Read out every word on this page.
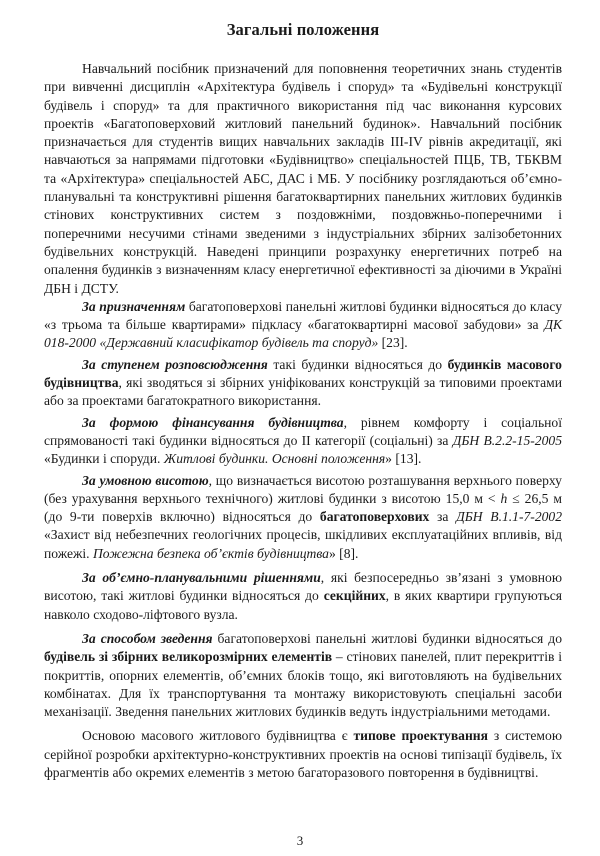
Загальні положення

Навчальний посібник призначений для поповнення теоретичних знань студентів при вивченні дисциплін «Архітектура будівель і споруд» та «Будівельні конструкції будівель і споруд» та для практичного використання під час виконання курсових проектів «Багатоповерховий житловий панельний будинок». Навчальний посібник призначається для студентів вищих навчальних закладів ІІІ-ІV рівнів акредитації, які навчаються за напрямами підготовки «Будівництво» спеціальностей ПЦБ, ТВ, ТБКВМ та «Архітектура» спеціальностей АБС, ДАС і МБ. У посібнику розглядаються об’ємно-планувальні та конструктивні рішення багатоквартирних панельних житлових будинків стінових конструктивних систем з поздовжніми, поздовжньо-поперечними і поперечними несучими стінами зведеними з індустріальних збірних залізобетонних будівельних конструкцій. Наведені принципи розрахунку енергетичних потреб на опалення будинків з визначенням класу енергетичної ефективності за діючими в Україні ДБН і ДСТУ.

За призначенням багатоповерхові панельні житлові будинки відносяться до класу «з трьома та більше квартирами» підкласу «багатоквартирні масової забудови» за ДК 018-2000 «Державний класифікатор будівель та споруд» [23].

За ступенем розповсюдження такі будинки відносяться до будинків масового будівництва, які зводяться зі збірних уніфікованих конструкцій за типовими проектами або за проектами багатократного використання.

За формою фінансування будівництва, рівнем комфорту і соціальної спрямованості такі будинки відносяться до ІІ категорії (соціальні) за ДБН В.2.2-15-2005 «Будинки і споруди. Житлові будинки. Основні положення» [13].

За умовною висотою, що визначається висотою розташування верхнього поверху (без урахування верхнього технічного) житлові будинки з висотою 15,0 м < h ≤ 26,5 м (до 9-ти поверхів включно) відносяться до багатоповерхових за ДБН В.1.1-7-2002 «Захист від небезпечних геологічних процесів, шкідливих експлуатаційних впливів, від пожежі. Пожежна безпека об’єктів будівництва» [8].

За об’ємно-планувальними рішеннями, які безпосередньо зв’язані з умовною висотою, такі житлові будинки відносяться до секційних, в яких квартири групуються навколо сходово-ліфтового вузла.

За способом зведення багатоповерхові панельні житлові будинки відносяться до будівель зі збірних великорозмірних елементів – стінових панелей, плит перекриттів і покриттів, опорних елементів, об’ємних блоків тощо, які виготовляють на будівельних комбінатах. Для їх транспортування та монтажу використовують спеціальні засоби механізації. Зведення панельних житлових будинків ведуть індустріальними методами.

Основою масового житлового будівництва є типове проектування з системою серійної розробки архітектурно-конструктивних проектів на основі типізації будівель, їх фрагментів або окремих елементів з метою багаторазового повторення в будівництві.

3
